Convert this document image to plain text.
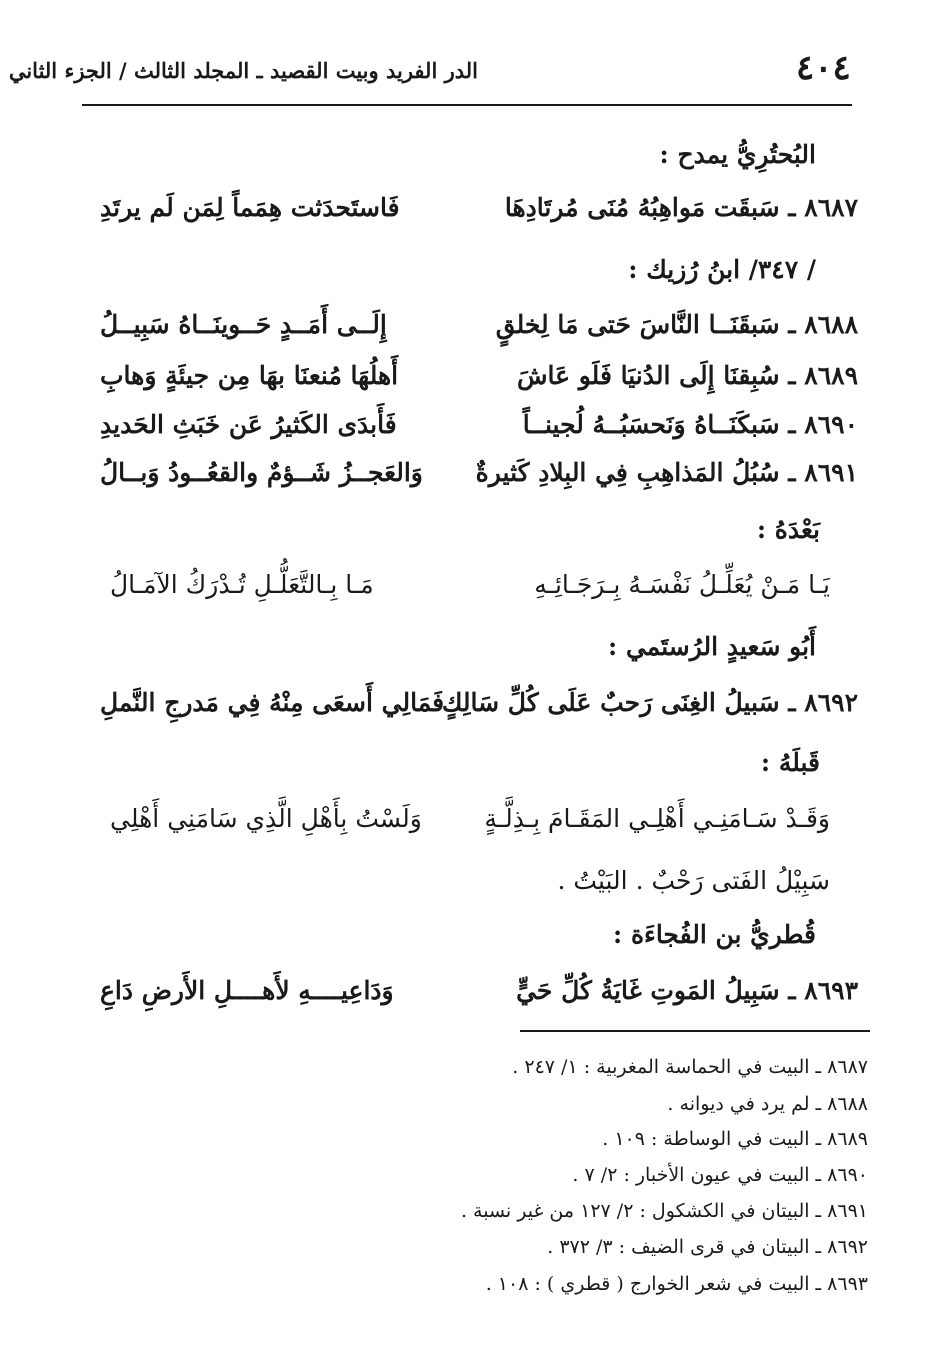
٤٠٤
الدر الفريد وبيت القصيد ـ المجلد الثالث / الجزء الثاني
البُحتُرِيُّ يمدح :
٨٦٨٧ ـ سَبقَت مَواهِبُهُ مُنَى مُرتَادِهَا
فَاستَحدَثت هِمَماً لِمَن لَم يرتَدِ
/ ٣٤٧/ ابنُ رُزيك :
٨٦٨٨ ـ سَبقَنَــا النَّاسَ حَتى مَا لِخلقٍ
إِلَــى أَمَــدٍ حَــوينَــاهُ سَبِيــلُ
٨٦٨٩ ـ سُبِقنَا إِلَى الدُنيَا فَلَو عَاشَ
أَهلُهَا مُنعنَا بهَا مِن جيئَةٍ وَهابِ
٨٦٩٠ ـ سَبكَنَــاهُ وَنَحسَبُــهُ لُجينــاً
فَأَبدَى الكَثيرُ عَن خَبَثِ الحَديدِ
٨٦٩١ ـ سُبُلُ المَذاهِبِ فِي البِلادِ كَثيرةٌ
وَالعَجــزُ شَــؤمٌ والقعُــودُ وَبــالُ
بَعْدَهُ :
يَـا مَـنْ يُعَلِّـلُ نَفْسَـهُ بِـرَجَـائِـهِ
مَـا بِـالتَّعَلُّـلِ تُـدْرَكُ الآمَـالُ
أَبُو سَعيدٍ الرُستَمي :
٨٦٩٢ ـ سَبيلُ الغِنَى رَحبٌ عَلَى كُلِّ سَالِكٍ
فَمَالِي أَسعَى مِنْهُ فِي مَدرجِ النَّملِ
قَبلَهُ :
وَقَـدْ سَـامَنِـي أَهْلِـي المَقَـامَ بِـذِلَّـةٍ
وَلَسْتُ بِأَهْلِ الَّذِي سَامَنِي أَهْلِي
سَبِيْلُ الفَتى رَحْبٌ . البَيْتُ .
قُطريُّ بن الفُجاءَة :
٨٦٩٣ ـ سَبِيلُ المَوتِ غَايَةُ كُلِّ حَيٍّ
وَدَاعِيــــهِ لأَهــــلِ الأَرضِ دَاعِ
٨٦٨٧ ـ البيت في الحماسة المغربية : ١/ ٢٤٧ .
٨٦٨٨ ـ لم يرد في ديوانه .
٨٦٨٩ ـ البيت في الوساطة : ١٠٩ .
٨٦٩٠ ـ البيت في عيون الأخبار : ٢/ ٧ .
٨٦٩١ ـ البيتان في الكشكول : ٢/ ١٢٧ من غير نسبة .
٨٦٩٢ ـ البيتان في قرى الضيف : ٣/ ٣٧٢ .
٨٦٩٣ ـ البيت في شعر الخوارج ( قطري ) : ١٠٨ .
